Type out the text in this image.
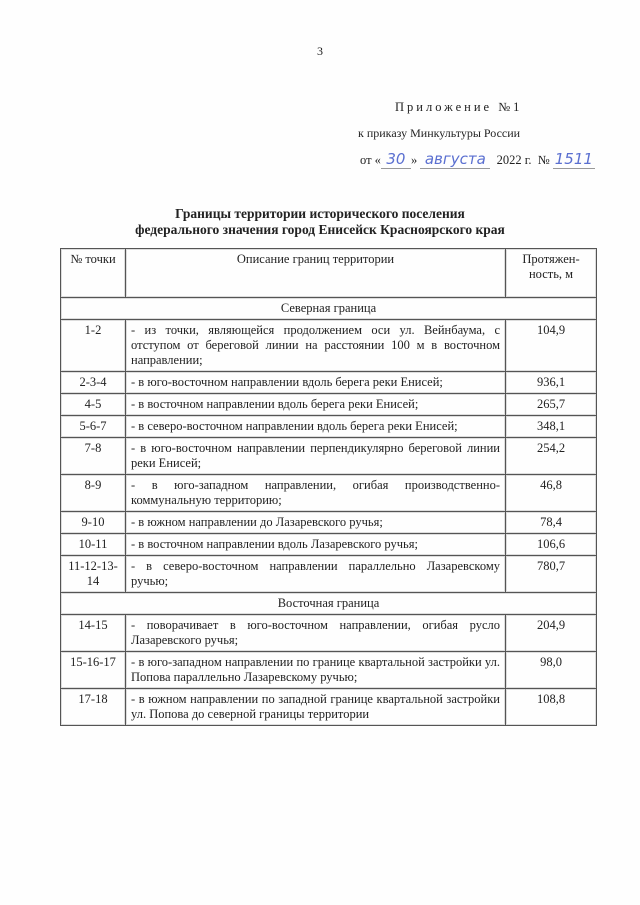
3
Приложение №1
к приказу Минкультуры России
от « 30 » августа 2022 г. № 1511
Границы территории исторического поселения
федерального значения город Енисейск Красноярского края
№ точки	Описание границ территории	Протяжен-ность, м
Северная граница		
1-2	- из точки, являющейся продолжением оси ул. Вейнбаума, с отступом от береговой линии на расстоянии 100 м в восточном направлении;	104,9
2-3-4	- в юго-восточном направлении вдоль берега реки Енисей;	936,1
4-5	- в восточном направлении вдоль берега реки Енисей;	265,7
5-6-7	- в северо-восточном направлении вдоль берега реки Енисей;	348,1
7-8	- в юго-восточном направлении перпендикулярно береговой линии реки Енисей;	254,2
8-9	- в юго-западном направлении, огибая производственно-коммунальную территорию;	46,8
9-10	- в южном направлении до Лазаревского ручья;	78,4
10-11	- в восточном направлении вдоль Лазаревского ручья;	106,6
11-12-13-14	- в северо-восточном направлении параллельно Лазаревскому ручью;	780,7
Восточная граница		
14-15	- поворачивает в юго-восточном направлении, огибая русло Лазаревского ручья;	204,9
15-16-17	- в юго-западном направлении по границе квартальной застройки ул. Попова параллельно Лазаревскому ручью;	98,0
17-18	- в южном направлении по западной границе квартальной застройки ул. Попова до северной границы территории	108,8
